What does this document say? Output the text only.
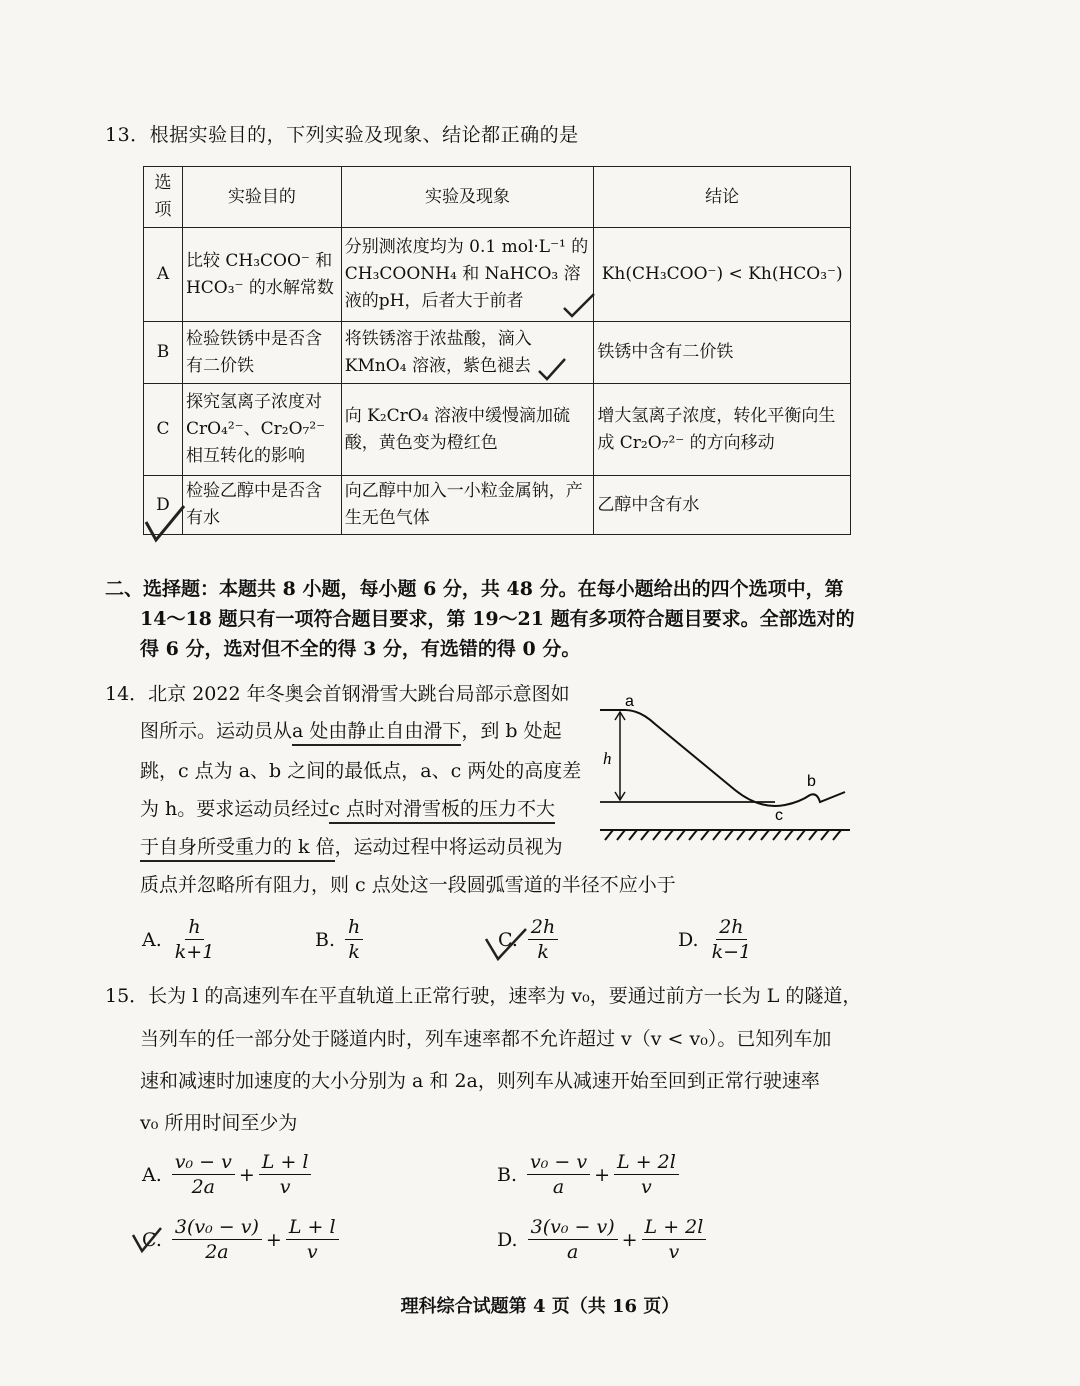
13．根据实验目的，下列实验及现象、结论都正确的是
选项	实验目的	实验及现象	结论
A	比较 CH₃COO⁻ 和 HCO₃⁻ 的水解常数	分别测浓度均为 0.1 mol·L⁻¹ 的 CH₃COONH₄ 和 NaHCO₃ 溶液的pH，后者大于前者	Kh(CH₃COO⁻) < Kh(HCO₃⁻)
B	检验铁锈中是否含有二价铁	将铁锈溶于浓盐酸，滴入 KMnO₄ 溶液，紫色褪去	铁锈中含有二价铁
C	探究氢离子浓度对 CrO₄²⁻、Cr₂O₇²⁻ 相互转化的影响	向 K₂CrO₄ 溶液中缓慢滴加硫酸，黄色变为橙红色	增大氢离子浓度，转化平衡向生成 Cr₂O₇²⁻ 的方向移动
D	检验乙醇中是否含有水	向乙醇中加入一小粒金属钠，产生无色气体	乙醇中含有水
二、选择题：本题共 8 小题，每小题 6 分，共 48 分。在每小题给出的四个选项中，第
14～18 题只有一项符合题目要求，第 19～21 题有多项符合题目要求。全部选对的
得 6 分，选对但不全的得 3 分，有选错的得 0 分。
14．北京 2022 年冬奥会首钢滑雪大跳台局部示意图如
图所示。运动员从a 处由静止自由滑下，到 b 处起
跳，c 点为 a、b 之间的最低点，a、c 两处的高度差
为 h。要求运动员经过c 点时对滑雪板的压力不大
于自身所受重力的 k 倍，运动过程中将运动员视为
质点并忽略所有阻力，则 c 点处这一段圆弧雪道的半径不应小于
a
h
b
c
A. $\frac{h}{k+1}$	B. $\frac{h}{k}$	C. $\frac{2h}{k}$	D. $\frac{2h}{k-1}$
15．长为 l 的高速列车在平直轨道上正常行驶，速率为 v₀，要通过前方一长为 L 的隧道，
当列车的任一部分处于隧道内时，列车速率都不允许超过 v（v < v₀）。已知列车加
速和减速时加速度的大小分别为 a 和 2a，则列车从减速开始至回到正常行驶速率
v₀ 所用时间至少为
A. $\frac{\text{v₀ − v}}{2a} + \frac{L + l}{v}$	B. $\frac{\text{v₀ − v}}{a} + \frac{L + 2l}{v}$
C. $\frac{\text{3(v₀ − v)}}{2a} + \frac{L + l}{v}$	D. $\frac{\text{3(v₀ − v)}}{a} + \frac{L + 2l}{v}$
理科综合试题第 4 页（共 16 页）
